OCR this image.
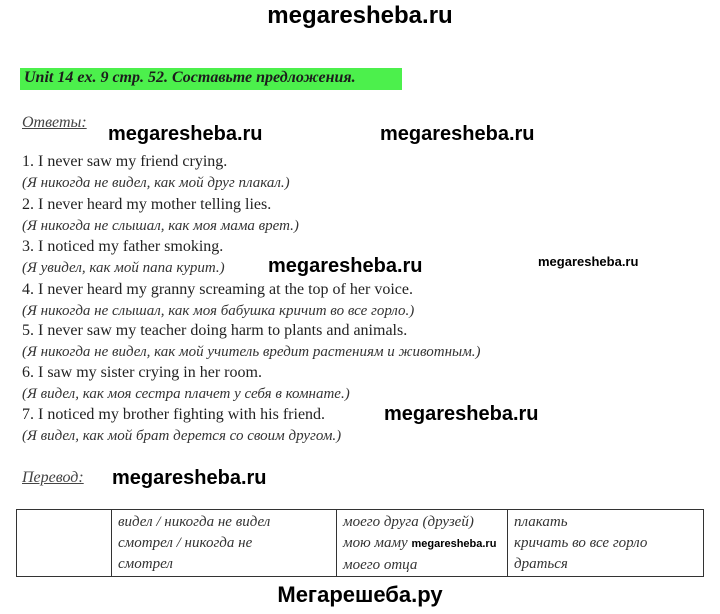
megaresheba.ru
Unit 14 ex. 9 стр. 52. Составьте предложения.
Ответы:
megaresheba.ru	megaresheba.ru
1. I never saw my friend crying.
(Я никогда не видел, как мой друг плакал.)
2. I never heard my mother telling lies.
(Я никогда не слышал, как моя мама врет.)
3. I noticed my father smoking.
(Я увидел, как мой папа курит.) megaresheba.ru	megaresheba.ru
4. I never heard my granny screaming at the top of her voice.
(Я никогда не слышал, как моя бабушка кричит во все горло.)
5. I never saw my teacher doing harm to plants and animals.
(Я никогда не видел, как мой учитель вредит растениям и животным.)
6. I saw my sister crying in her room.
(Я видел, как моя сестра плачет у себя в комнате.)
7. I noticed my brother fighting with his friend.	megaresheba.ru
(Я видел, как мой брат дерется со своим другом.)
Перевод: megaresheba.ru

видел / никогда не видел
смотрел / никогда не
смотрел

моего друга (друзей)
мою маму megaresheba.ru
моего отца

плакать
кричать во все горло
драться
Мегарешеба.ру
